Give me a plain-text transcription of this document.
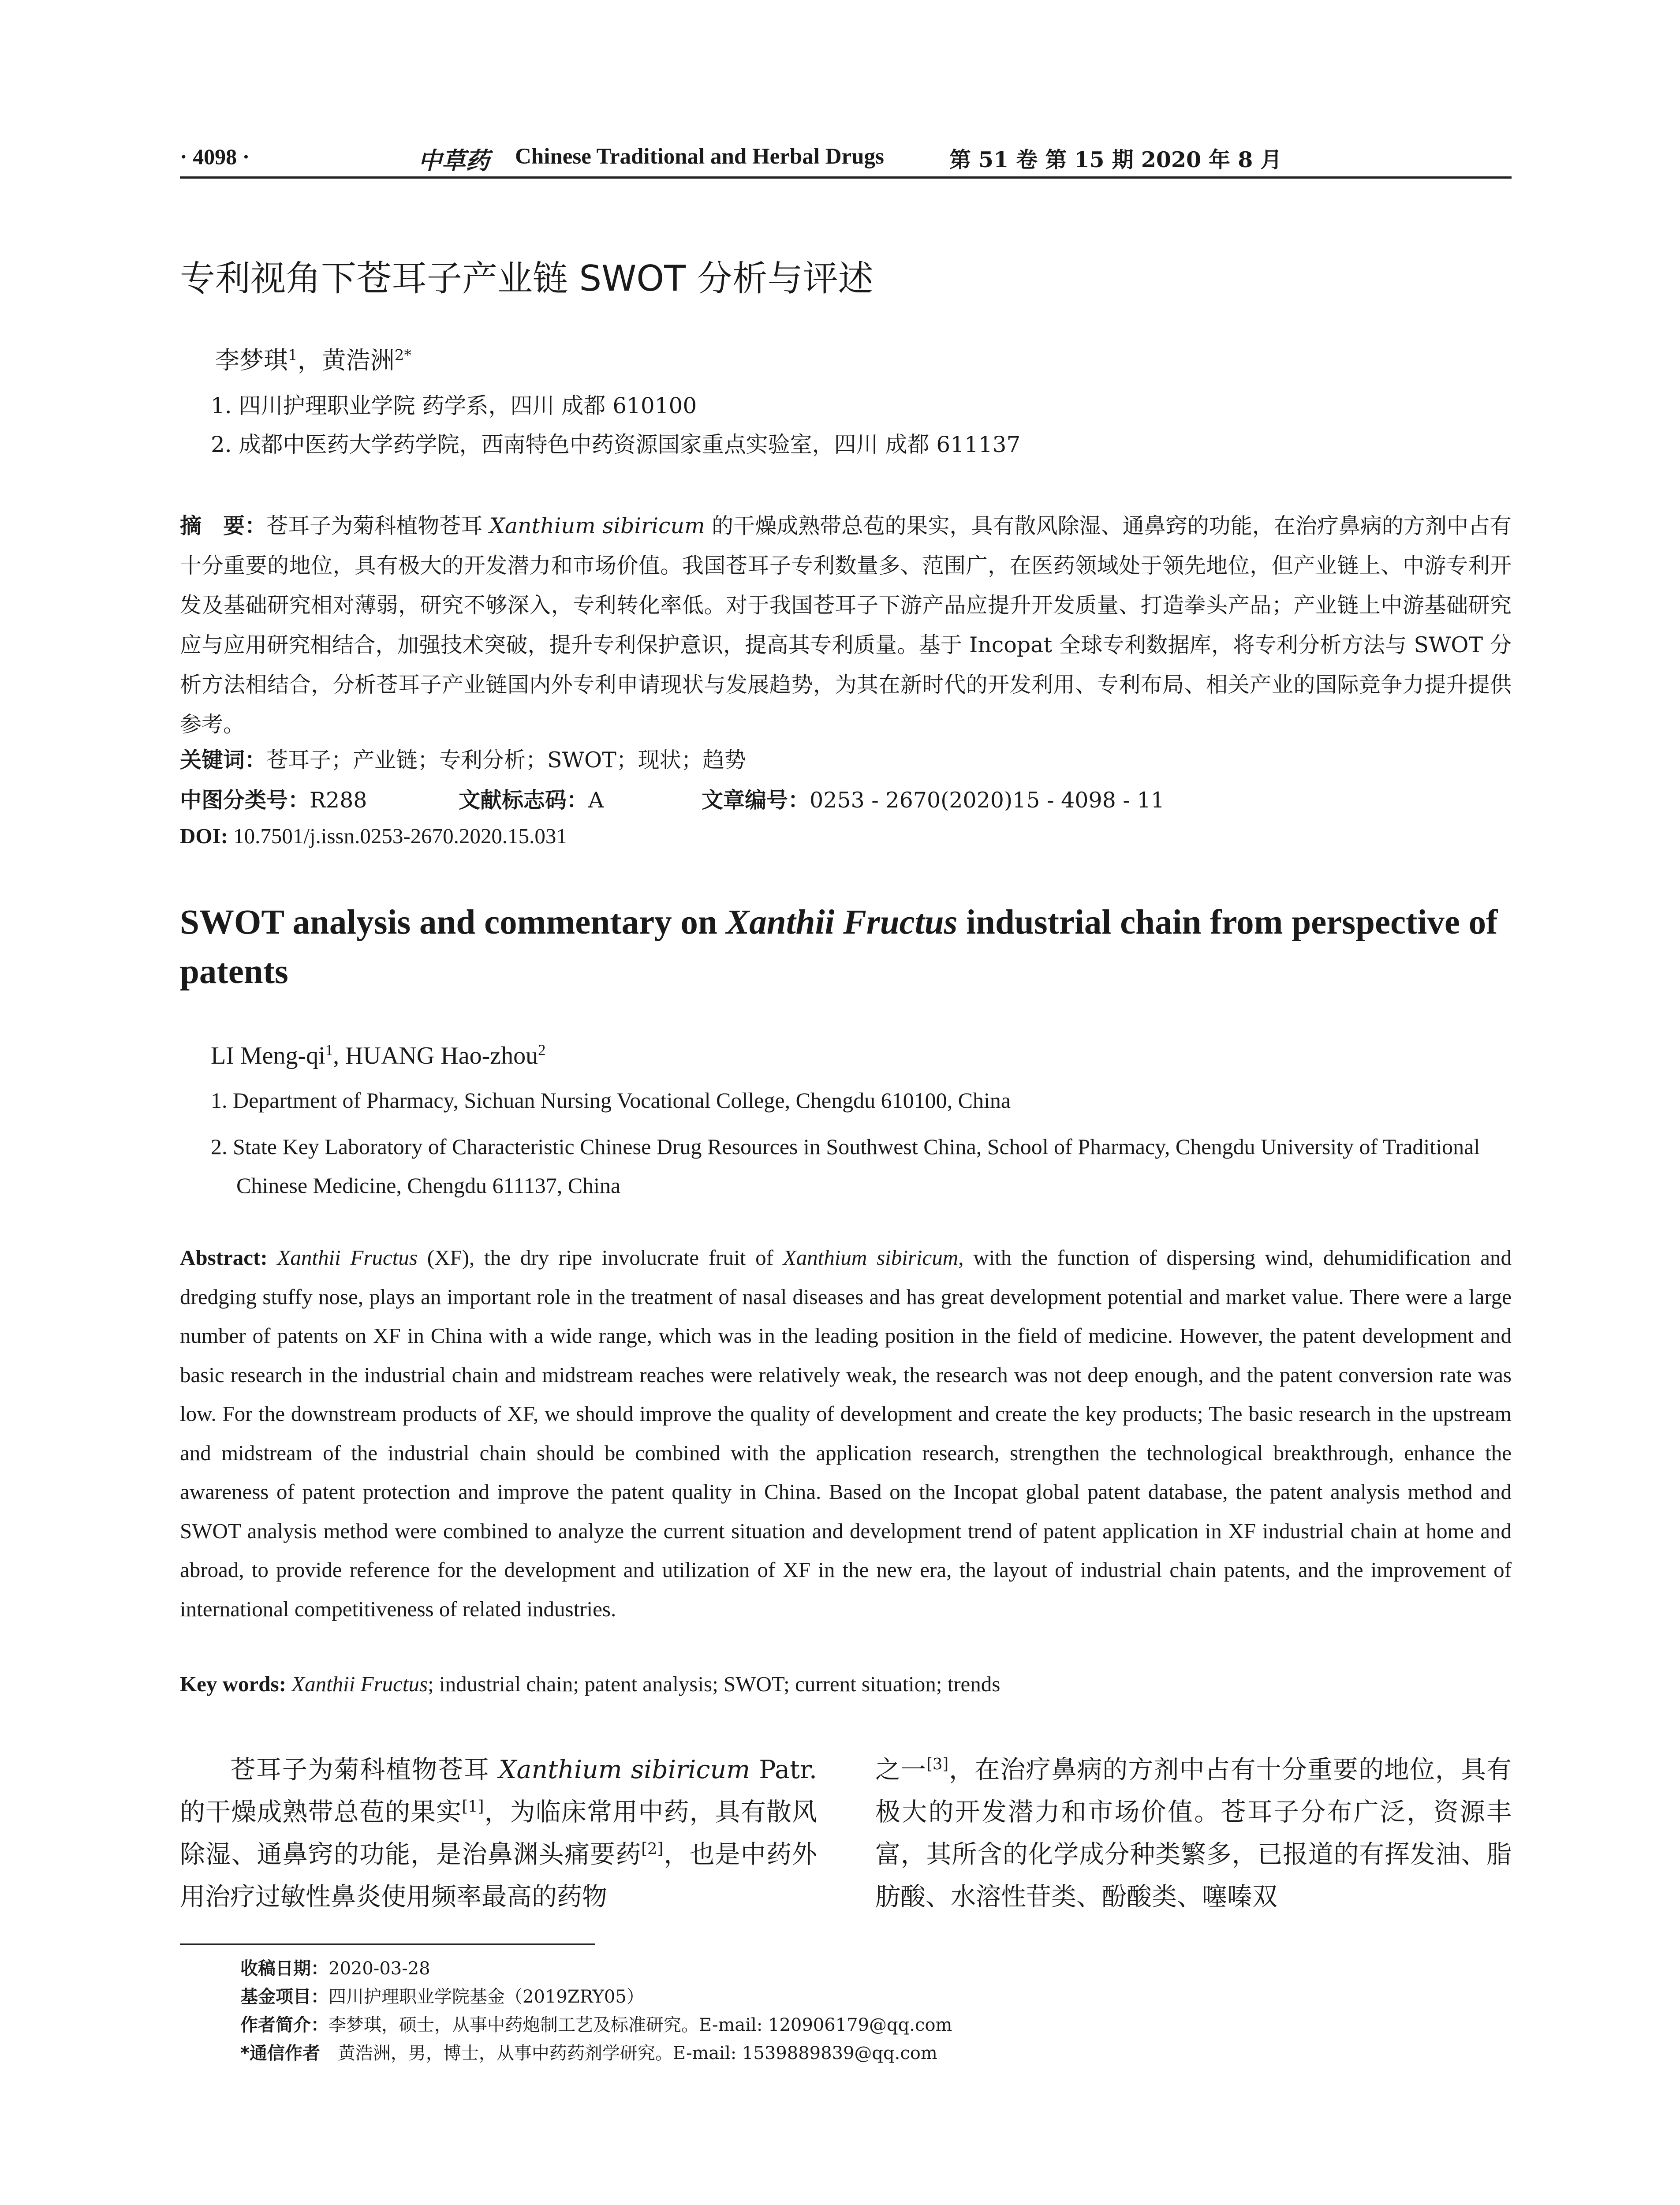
· 4098 ·	中草药 Chinese Traditional and Herbal Drugs	第 51 卷 第 15 期 2020 年 8 月
专利视角下苍耳子产业链 SWOT 分析与评述
李梦琪$^1$，黄浩洲$^{2*}$
1. 四川护理职业学院 药学系，四川 成都 610100
2. 成都中医药大学药学院，西南特色中药资源国家重点实验室，四川 成都 611137
摘　要：苍耳子为菊科植物苍耳 Xanthium sibiricum 的干燥成熟带总苞的果实，具有散风除湿、通鼻窍的功能，在治疗鼻病的方剂中占有十分重要的地位，具有极大的开发潜力和市场价值。我国苍耳子专利数量多、范围广，在医药领域处于领先地位，但产业链上、中游专利开发及基础研究相对薄弱，研究不够深入，专利转化率低。对于我国苍耳子下游产品应提升开发质量、打造拳头产品；产业链上中游基础研究应与应用研究相结合，加强技术突破，提升专利保护意识，提高其专利质量。基于 Incopat 全球专利数据库，将专利分析方法与 SWOT 分析方法相结合，分析苍耳子产业链国内外专利申请现状与发展趋势，为其在新时代的开发利用、专利布局、相关产业的国际竞争力提升提供参考。
关键词：苍耳子；产业链；专利分析；SWOT；现状；趋势
中图分类号：R288	文献标志码：A	文章编号：0253 - 2670(2020)15 - 4098 - 11
DOI: 10.7501/j.issn.0253-2670.2020.15.031
SWOT analysis and commentary on Xanthii Fructus industrial chain from perspective of patents
LI Meng-$qi^1$, HUANG Hao-zhou$^2$
1. Department of Pharmacy, Sichuan Nursing Vocational College, Chengdu 610100, China
2. State Key Laboratory of Characteristic Chinese Drug Resources in Southwest China, School of Pharmacy, Chengdu University of Traditional Chinese Medicine, Chengdu 611137, China
Abstract: Xanthii Fructus (XF), the dry ripe involucrate fruit of Xanthium sibiricum, with the function of dispersing wind, dehumidification and dredging stuffy nose, plays an important role in the treatment of nasal diseases and has great development potential and market value. There were a large number of patents on XF in China with a wide range, which was in the leading position in the field of medicine. However, the patent development and basic research in the industrial chain and midstream reaches were relatively weak, the research was not deep enough, and the patent conversion rate was low. For the downstream products of XF, we should improve the quality of development and create the key products; The basic research in the upstream and midstream of the industrial chain should be combined with the application research, strengthen the technological breakthrough, enhance the awareness of patent protection and improve the patent quality in China. Based on the Incopat global patent database, the patent analysis method and SWOT analysis method were combined to analyze the current situation and development trend of patent application in XF industrial chain at home and abroad, to provide reference for the development and utilization of XF in the new era, the layout of industrial chain patents, and the improvement of international competitiveness of related industries.
Key words: Xanthii Fructus; industrial chain; patent analysis; SWOT; current situation; trends
苍耳子为菊科植物苍耳 Xanthium sibiricum Patr. 的干燥成熟带总苞的果实[1]，为临床常用中药，具有散风除湿、通鼻窍的功能，是治鼻渊头痛要药[2]，也是中药外用治疗过敏性鼻炎使用频率最高的药物
之一[3]，在治疗鼻病的方剂中占有十分重要的地位，具有极大的开发潜力和市场价值。苍耳子分布广泛，资源丰富，其所含的化学成分种类繁多，已报道的有挥发油、脂肪酸、水溶性苷类、酚酸类、噻嗪双
收稿日期：2020-03-28
基金项目：四川护理职业学院基金（2019ZRY05）
作者简介：李梦琪，硕士，从事中药炮制工艺及标准研究。E-mail: 120906179@qq.com
*通信作者　黄浩洲，男，博士，从事中药药剂学研究。E-mail: 1539889839@qq.com
